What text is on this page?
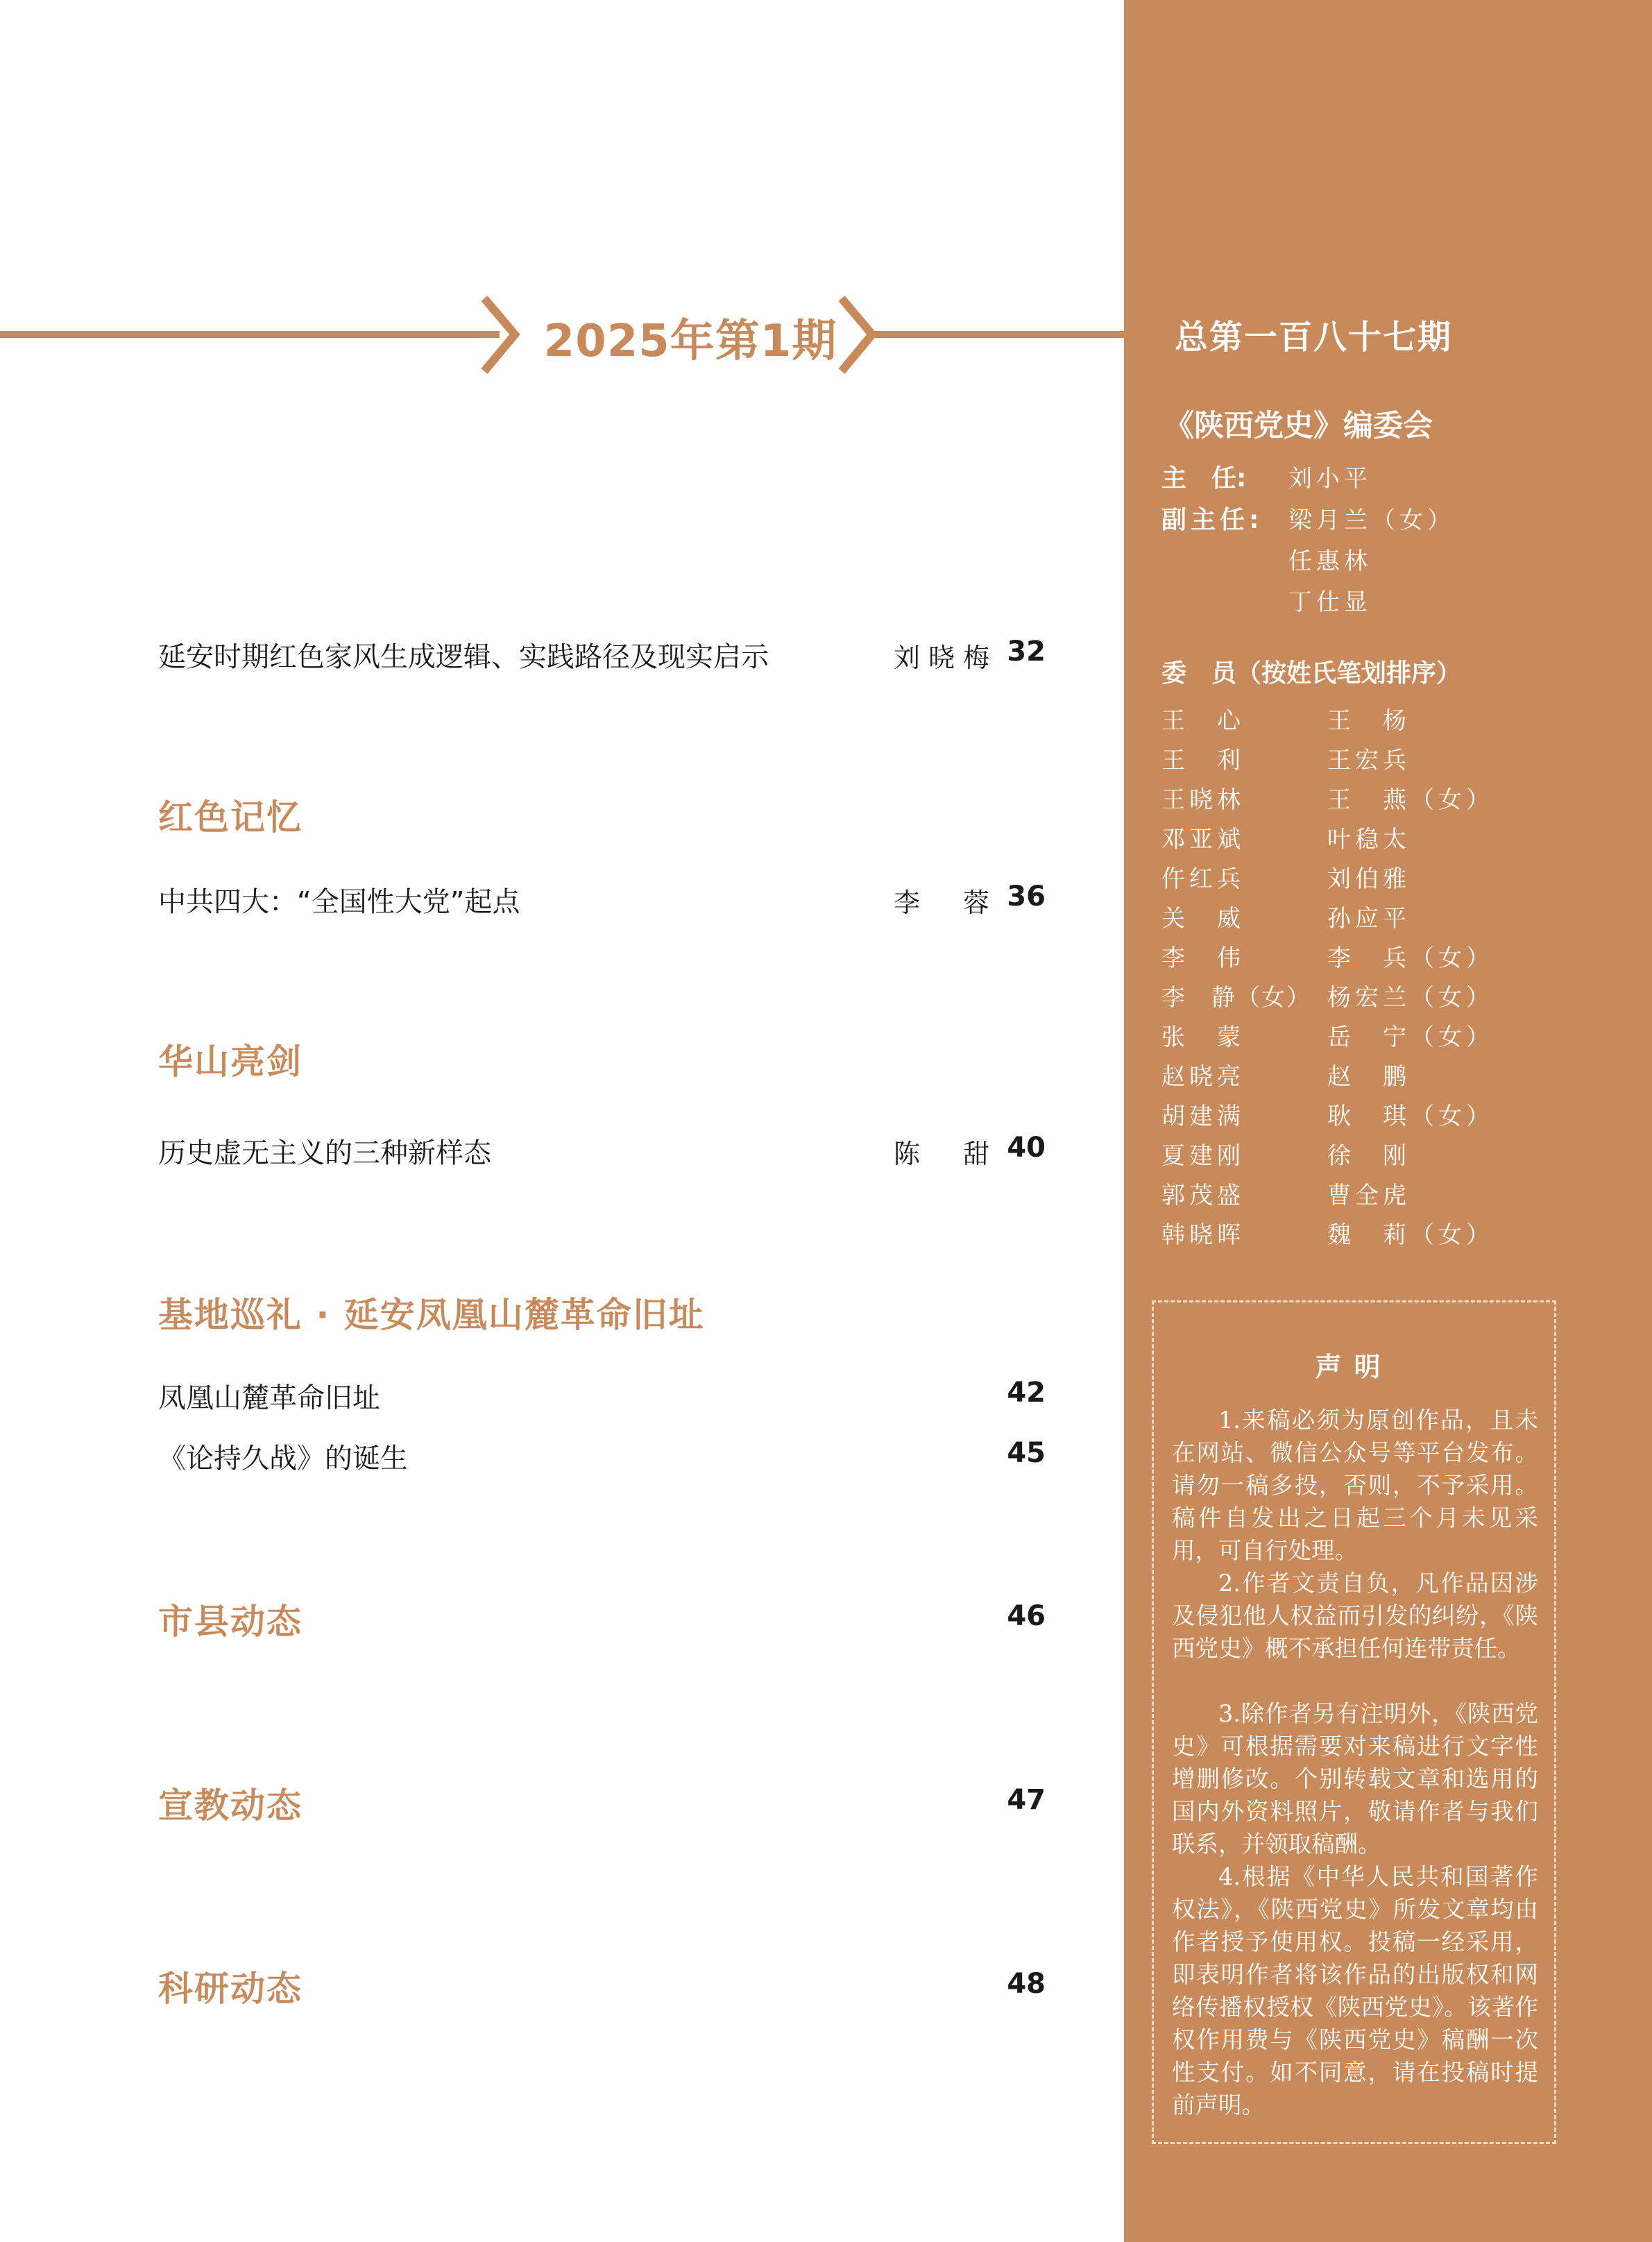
2025年第1期
延安时期红色家风生成逻辑、实践路径及现实启示	刘晓梅 32
红色记忆
中共四大：“全国性大党”起点	李　蓉 36
华山亮剑
历史虚无主义的三种新样态	陈　甜 40
基地巡礼 · 延安凤凰山麓革命旧址
凤凰山麓革命旧址	42
《论持久战》的诞生	45
市县动态	46
宣教动态	47
科研动态	48
总第一百八十七期
《陕西党史》编委会
主　任: 刘小平
副主任: 梁月兰（女）
任惠林
丁仕显
委　员（按姓氏笔划排序）
王　心	王　杨
王　利	王宏兵
王晓林	王　燕（女）
邓亚斌	叶稳太
仵红兵	刘伯雅
关　威	孙应平
李　伟	李　兵（女）
李　静（女） 杨宏兰（女）
张　蒙	岳　宁（女）
赵晓亮	赵　鹏
胡建满	耿　琪（女）
夏建刚	徐　刚
郭茂盛	曹全虎
韩晓晖	魏　莉（女）
声明
1.来稿必须为原创作品，且未在网站、微信公众号等平台发布。请勿一稿多投，否则，不予采用。稿件自发出之日起三个月未见采用，可自行处理。
2.作者文责自负，凡作品因涉及侵犯他人权益而引发的纠纷，《陕西党史》概不承担任何连带责任。
3.除作者另有注明外，《陕西党史》可根据需要对来稿进行文字性增删修改。个别转载文章和选用的国内外资料照片，敬请作者与我们联系，并领取稿酬。
4.根据《中华人民共和国著作权法》，《陕西党史》所发文章均由作者授予使用权。投稿一经采用，即表明作者将该作品的出版权和网络传播权授权《陕西党史》。该著作权作用费与《陕西党史》稿酬一次性支付。如不同意，请在投稿时提前声明。
